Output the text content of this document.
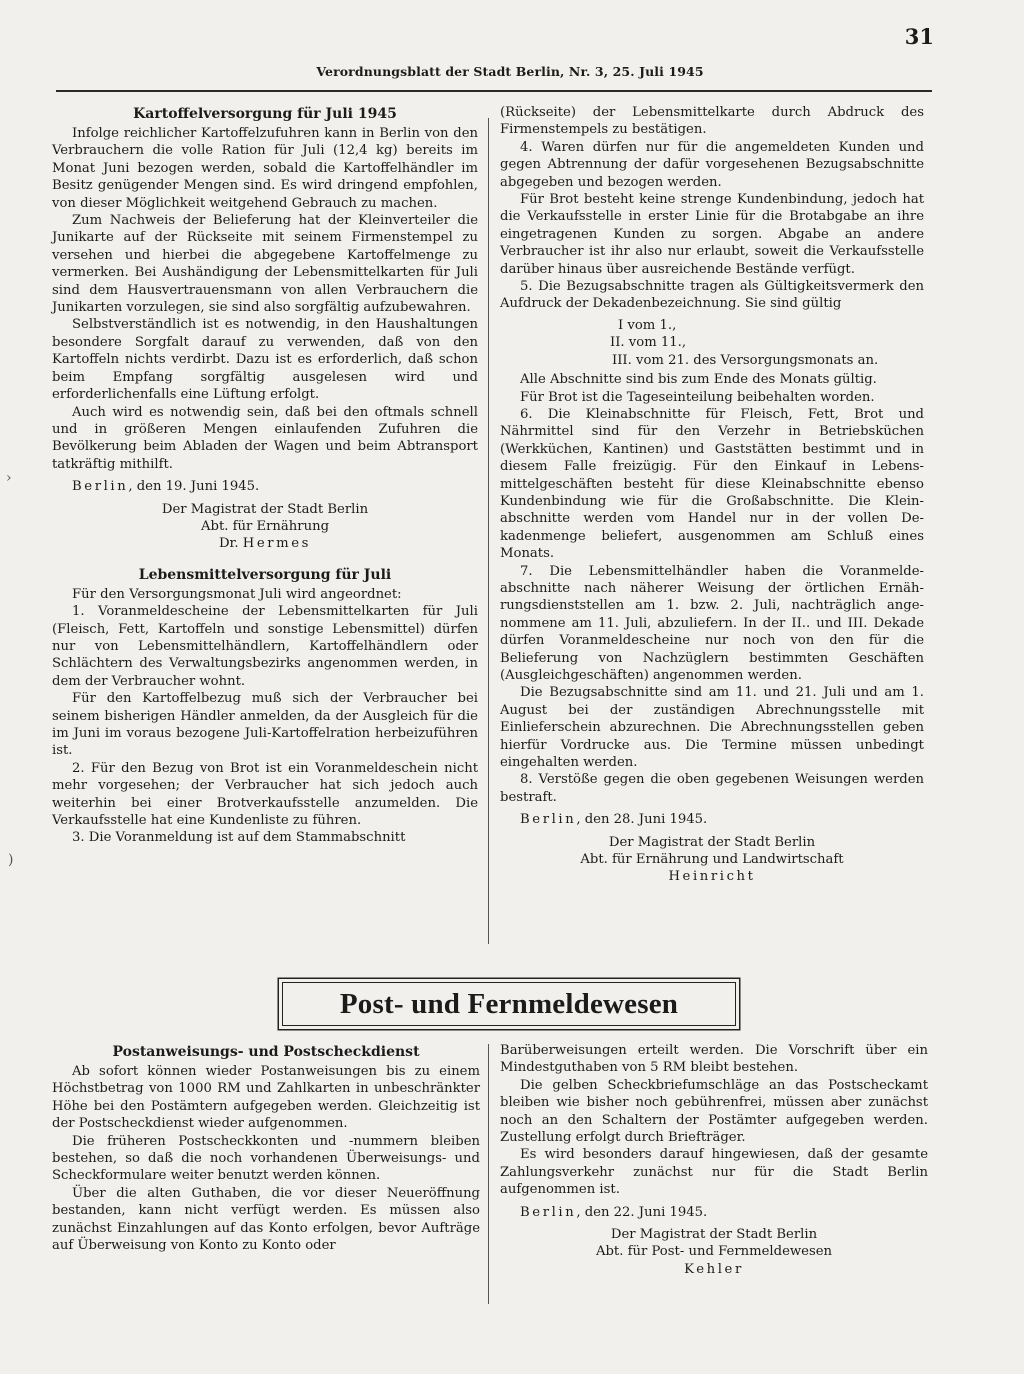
31
Verordnungsblatt der Stadt Berlin, Nr. 3, 25. Juli 1945
Kartoffelversorgung für Juli 1945

Infolge reichlicher Kartoffelzufuhren kann in Berlin von den Verbrauchern die volle Ration für Juli (12,4 kg) bereits im Monat Juni bezogen werden, sobald die Kartoffelhändler im Besitz genügender Mengen sind. Es wird dringend empfohlen, von dieser Möglichkeit weitgehend Gebrauch zu machen.

Zum Nachweis der Belieferung hat der Kleinverteiler die Junikarte auf der Rückseite mit seinem Firmenstempel zu versehen und hierbei die abgegebene Kartoffelmenge zu vermerken. Bei Aushändigung der Lebensmittelkarten für Juli sind dem Hausvertrauensmann von allen Verbrauchern die Junikarten vorzulegen, sie sind also sorgfältig aufzubewahren.

Selbstverständlich ist es notwendig, in den Haushaltungen besondere Sorgfalt darauf zu verwenden, daß von den Kartoffeln nichts verdirbt. Dazu ist es erforderlich, daß schon beim Empfang sorgfältig ausgelesen wird und erforderlichenfalls eine Lüftung erfolgt.

Auch wird es notwendig sein, daß bei den oftmals schnell und in größeren Mengen einlaufenden Zufuhren die Bevölkerung beim Abladen der Wagen und beim Abtransport tatkräftig mithilft.

Berlin, den 19. Juni 1945.

Der Magistrat der Stadt Berlin

Abt. für Ernährung

Dr. Hermes

Lebensmittelversorgung für Juli

Für den Versorgungsmonat Juli wird angeordnet:

1. Voranmeldescheine der Lebensmittelkarten für Juli (Fleisch, Fett, Kartoffeln und sonstige Lebensmittel) dürfen nur von Lebensmittelhändlern, Kartoffelhändlern oder Schlächtern des Verwaltungsbezirks angenommen werden, in dem der Verbraucher wohnt.

Für den Kartoffelbezug muß sich der Verbraucher bei seinem bisherigen Händler anmelden, da der Ausgleich für die im Juni im voraus bezogene Juli-Kartoffelration herbeizuführen ist.

2. Für den Bezug von Brot ist ein Voranmeldeschein nicht mehr vorgesehen; der Verbraucher hat sich jedoch auch weiterhin bei einer Brotverkaufsstelle anzumelden. Die Verkaufsstelle hat eine Kundenliste zu führen.

3. Die Voranmeldung ist auf dem Stammabschnitt

(Rückseite) der Lebensmittelkarte durch Abdruck des Firmenstempels zu bestätigen.

4. Waren dürfen nur für die angemeldeten Kunden und gegen Abtrennung der dafür vorgesehenen Bezugsabschnitte abgegeben und bezogen werden.

Für Brot besteht keine strenge Kundenbindung, jedoch hat die Verkaufsstelle in erster Linie für die Brotabgabe an ihre eingetragenen Kunden zu sorgen. Abgabe an andere Verbraucher ist ihr also nur erlaubt, soweit die Verkaufsstelle darüber hinaus über ausreichende Bestände verfügt.

5. Die Bezugsabschnitte tragen als Gültigkeitsvermerk den Aufdruck der Dekadenbezeichnung. Sie sind gültig

I vom 1.,
II. vom 11.,
III. vom 21. des Versorgungsmonats an.

Alle Abschnitte sind bis zum Ende des Monats gültig.

Für Brot ist die Tageseinteilung beibehalten worden.

6. Die Kleinabschnitte für Fleisch, Fett, Brot und Nährmittel sind für den Verzehr in Betriebsküchen (Werkküchen, Kantinen) und Gaststätten bestimmt und in diesem Falle freizügig. Für den Einkauf in Lebensmittelgeschäften besteht für diese Kleinabschnitte ebenso Kundenbindung wie für die Großabschnitte. Die Kleinabschnitte werden vom Handel nur in der vollen Dekadenmenge beliefert, ausgenommen am Schluß eines Monats.

7. Die Lebensmittelhändler haben die Voranmeldeabschnitte nach näherer Weisung der örtlichen Ernährungsdienststellen am 1. bzw. 2. Juli, nachträglich angenommene am 11. Juli, abzuliefern. In der II.. und III. Dekade dürfen Voranmeldescheine nur noch von den für die Belieferung von Nachzüglern bestimmten Geschäften (Ausgleichgeschäften) angenommen werden.

Die Bezugsabschnitte sind am 11. und 21. Juli und am 1. August bei der zuständigen Abrechnungsstelle mit Einlieferschein abzurechnen. Die Abrechnungsstellen geben hierfür Vordrucke aus. Die Termine müssen unbedingt eingehalten werden.

8. Verstöße gegen die oben gegebenen Weisungen werden bestraft.

Berlin, den 28. Juni 1945.

Der Magistrat der Stadt Berlin

Abt. für Ernährung und Landwirtschaft

Heinricht

Post- und Fernmeldewesen
Postanweisungs- und Postscheckdienst

Ab sofort können wieder Postanweisungen bis zu einem Höchstbetrag von 1000 RM und Zahlkarten in unbeschränkter Höhe bei den Postämtern aufgegeben werden. Gleichzeitig ist der Postscheckdienst wieder aufgenommen.

Die früheren Postscheckkonten und -nummern bleiben bestehen, so daß die noch vorhandenen Überweisungs- und Scheckformulare weiter benutzt werden können.

Über die alten Guthaben, die vor dieser Neueröffnung bestanden, kann nicht verfügt werden. Es müssen also zunächst Einzahlungen auf das Konto erfolgen, bevor Aufträge auf Überweisung von Konto zu Konto oder

Barüberweisungen erteilt werden. Die Vorschrift über ein Mindestguthaben von 5 RM bleibt bestehen.

Die gelben Scheckbriefumschläge an das Postscheckamt bleiben wie bisher noch gebührenfrei, müssen aber zunächst noch an den Schaltern der Postämter aufgegeben werden. Zustellung erfolgt durch Briefträger.

Es wird besonders darauf hingewiesen, daß der gesamte Zahlungsverkehr zunächst nur für die Stadt Berlin aufgenommen ist.

Berlin, den 22. Juni 1945.

Der Magistrat der Stadt Berlin

Abt. für Post- und Fernmeldewesen

Kehler

›
)
